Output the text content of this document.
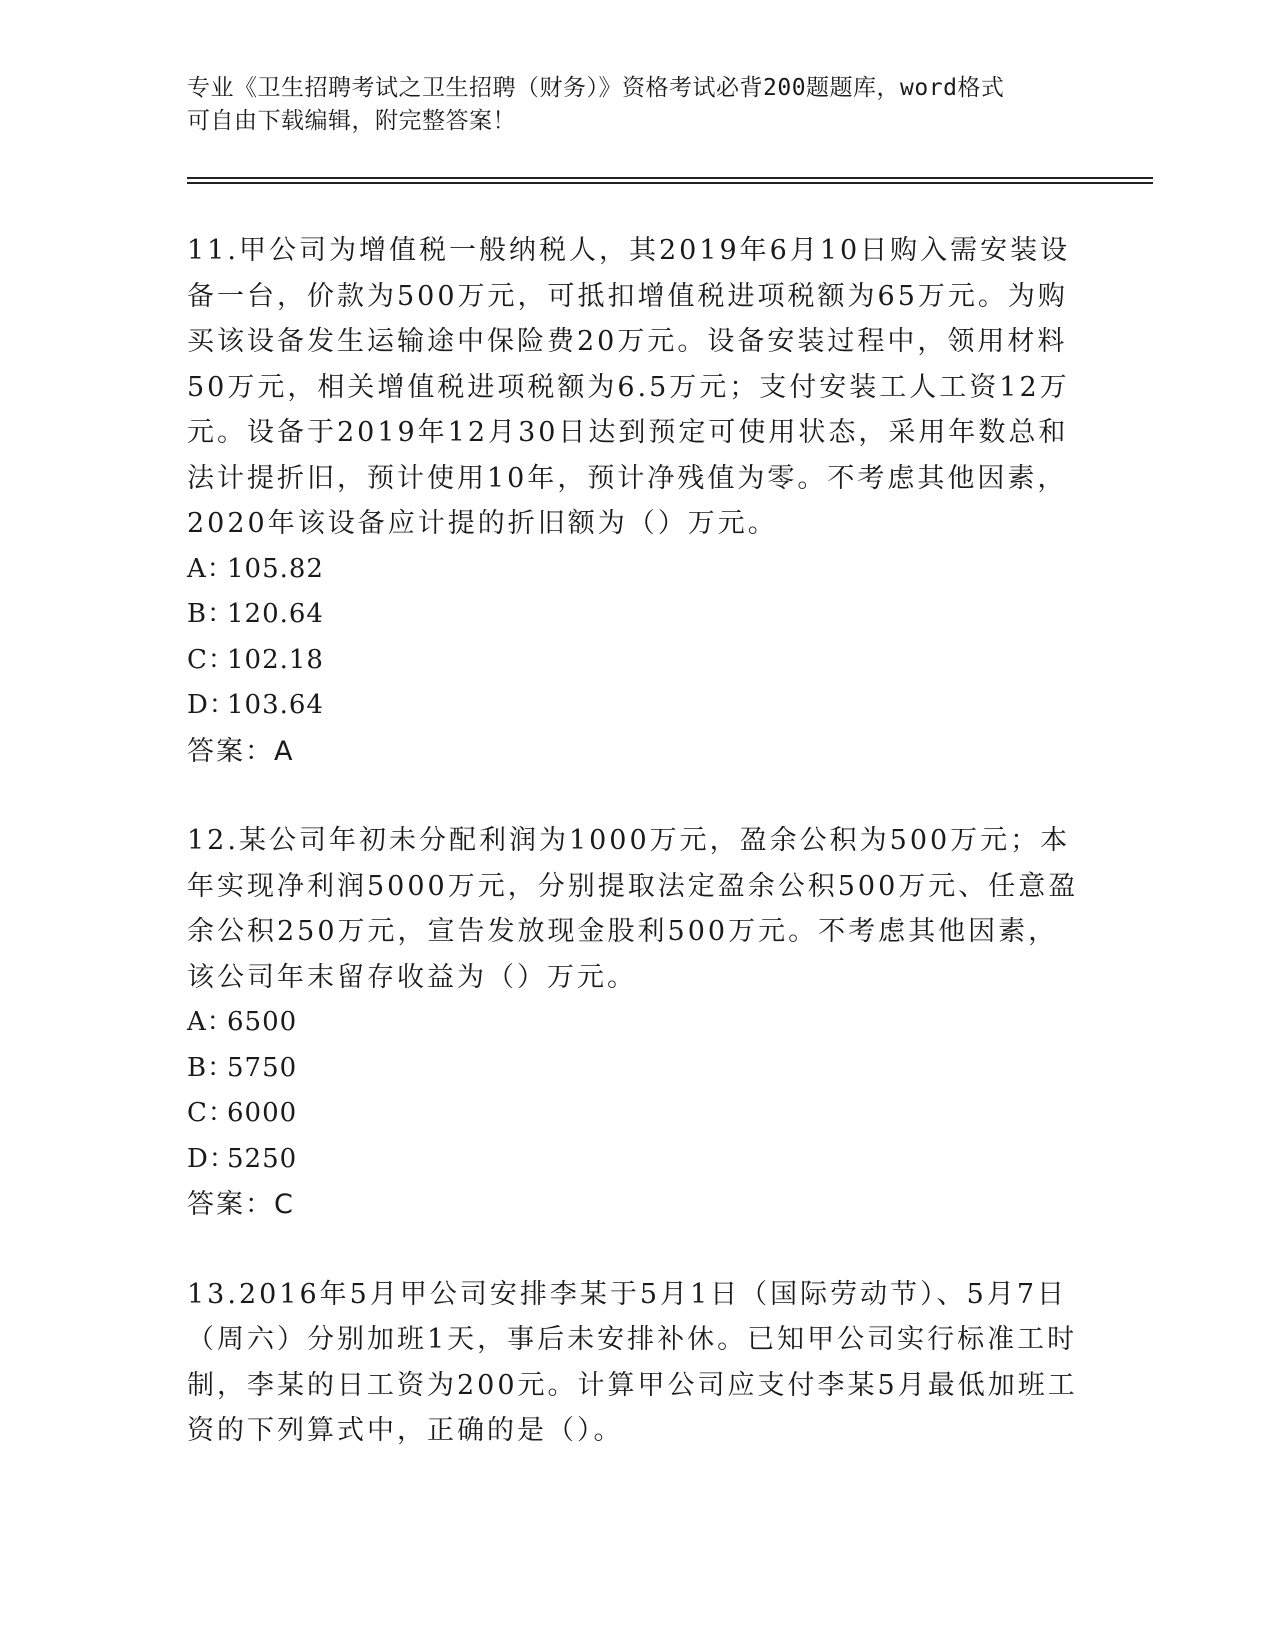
专业《卫生招聘考试之卫生招聘（财务）》资格考试必背200题题库，word格式
可自由下载编辑，附完整答案！

11.甲公司为增值税一般纳税人，其2019年6月10日购入需安装设备一台，价款为500万元，可抵扣增值税进项税额为65万元。为购买该设备发生运输途中保险费20万元。设备安装过程中，领用材料50万元，相关增值税进项税额为6.5万元；支付安装工人工资12万元。设备于2019年12月30日达到预定可使用状态，采用年数总和法计提折旧，预计使用10年，预计净残值为零。不考虑其他因素，2020年该设备应计提的折旧额为（）万元。

A：105.82

B：120.64

C：102.18

D：103.64

答案：A

12.某公司年初未分配利润为1000万元，盈余公积为500万元；本年实现净利润5000万元，分别提取法定盈余公积500万元、任意盈余公积250万元，宣告发放现金股利500万元。不考虑其他因素，该公司年末留存收益为（）万元。

A：6500

B：5750

C：6000

D：5250

答案：C

13.2016年5月甲公司安排李某于5月1日（国际劳动节）、5月7日（周六）分别加班1天，事后未安排补休。已知甲公司实行标准工时制，李某的日工资为200元。计算甲公司应支付李某5月最低加班工资的下列算式中，正确的是（）。
